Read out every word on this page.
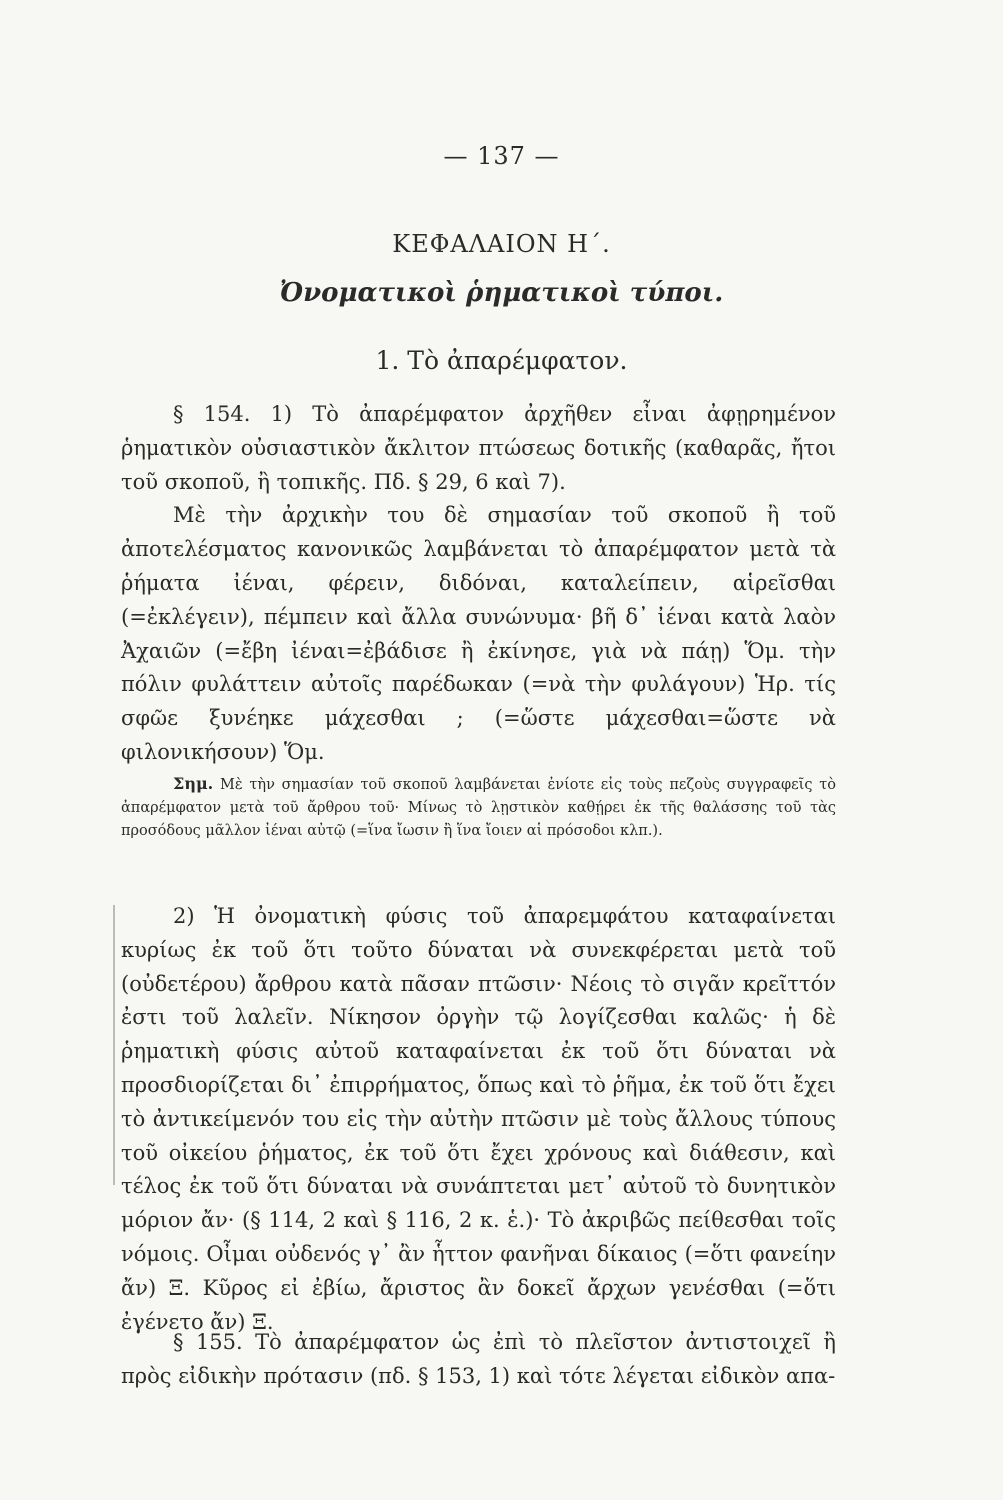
— 137 —
ΚΕΦΑΛΑΙΟΝ Η΄.
Ὀνοματικοὶ ῥηματικοὶ τύποι.
1. Τὸ ἀπαρέμφατον.

§ 154. 1) Τὸ ἀπαρέμφατον ἀρχῆθεν εἶναι ἀφῃρημένον ῥηματικὸν οὐσιαστικὸν ἄκλιτον πτώσεως δοτικῆς (καθαρᾶς, ἤτοι τοῦ σκοποῦ, ἢ τοπικῆς. Πδ. § 29, 6 καὶ 7).

Μὲ τὴν ἀρχικὴν του δὲ σημασίαν τοῦ σκοποῦ ἢ τοῦ ἀποτελέσματος κανονικῶς λαμβάνεται τὸ ἀπαρέμφατον μετὰ τὰ ῥήματα ἰέναι, φέρειν, διδόναι, καταλείπειν, αἱρεῖσθαι (=ἐκλέγειν), πέμπειν καὶ ἄλλα συνώνυμα· βῆ δ᾽ ἰέναι κατὰ λαὸν Ἀχαιῶν (=ἔβη ἰέναι=ἐβάδισε ἢ ἐκίνησε, γιὰ νὰ πάῃ) Ὅμ. τὴν πόλιν φυλάττειν αὐτοῖς παρέδωκαν (=νὰ τὴν φυλάγουν) Ἡρ. τίς σφῶε ξυνέηκε μάχεσθαι ; (=ὥστε μάχεσθαι=ὥστε νὰ φιλονικήσουν) Ὅμ.

Σημ. Μὲ τὴν σημασίαν τοῦ σκοποῦ λαμβάνεται ἐνίοτε εἰς τοὺς πεζοὺς συγγραφεῖς τὸ ἀπαρέμφατον μετὰ τοῦ ἄρθρου τοῦ· Μίνως τὸ λῃστικὸν καθῄρει ἐκ τῆς θαλάσσης τοῦ τὰς προσόδους μᾶλλον ἰέναι αὐτῷ (=ἵνα ἴωσιν ἢ ἵνα ἴοιεν αἱ πρόσοδοι κλπ.).

2) Ἡ ὀνοματικὴ φύσις τοῦ ἀπαρεμφάτου καταφαίνεται κυρίως ἐκ τοῦ ὅτι τοῦτο δύναται νὰ συνεκφέρεται μετὰ τοῦ (οὐδετέρου) ἄρθρου κατὰ πᾶσαν πτῶσιν· Νέοις τὸ σιγᾶν κρεῖττόν ἐστι τοῦ λαλεῖν. Νίκησον ὀργὴν τῷ λογίζεσθαι καλῶς· ἡ δὲ ῥηματικὴ φύσις αὐτοῦ καταφαίνεται ἐκ τοῦ ὅτι δύναται νὰ προσδιορίζεται δι᾽ ἐπιρρήματος, ὅπως καὶ τὸ ῥῆμα, ἐκ τοῦ ὅτι ἔχει τὸ ἀντικείμενόν του εἰς τὴν αὐτὴν πτῶσιν μὲ τοὺς ἄλλους τύπους τοῦ οἰκείου ῥήματος, ἐκ τοῦ ὅτι ἔχει χρόνους καὶ διάθεσιν, καὶ τέλος ἐκ τοῦ ὅτι δύναται νὰ συνάπτεται μετ᾽ αὐτοῦ τὸ δυνητικὸν μόριον ἄν· (§ 114, 2 καὶ § 116, 2 κ. ἑ.)· Τὸ ἀκριβῶς πείθεσθαι τοῖς νόμοις. Οἶμαι οὐδενός γ᾽ ἂν ἧττον φανῆναι δίκαιος (=ὅτι φανείην ἄν) Ξ. Κῦρος εἰ ἐβίω, ἄριστος ἂν δοκεῖ ἄρχων γενέσθαι (=ὅτι ἐγένετο ἄν) Ξ.

§ 155. Τὸ ἀπαρέμφατον ὡς ἐπὶ τὸ πλεῖστον ἀντιστοιχεῖ ἢ πρὸς εἰδικὴν πρότασιν (πδ. § 153, 1) καὶ τότε λέγεται εἰδικὸν απα-
